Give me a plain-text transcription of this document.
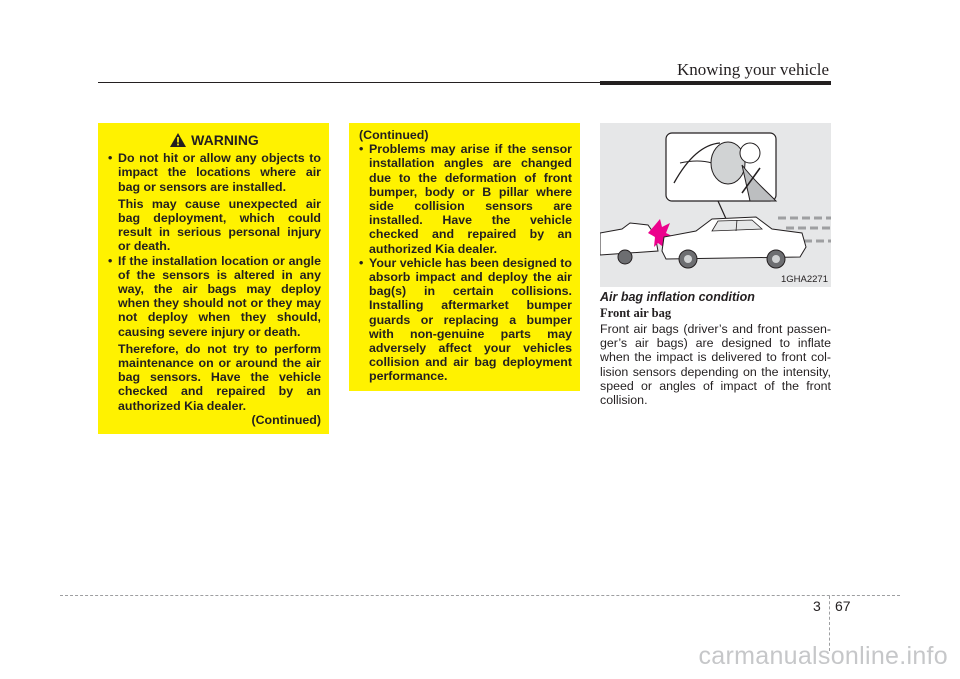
Knowing your vehicle
WARNING
• Do not hit or allow any objects to impact the locations where air bag or sensors are installed.
This may cause unexpected air bag deployment, which could result in serious personal injury or death.
• If the installation location or angle of the sensors is altered in any way, the air bags may deploy when they should not or they may not deploy when they should, causing severe injury or death.
Therefore, do not try to perform maintenance on or around the air bag sensors. Have the vehicle checked and repaired by an authorized Kia dealer.
(Continued)
(Continued)
• Problems may arise if the sensor installation angles are changed due to the deformation of front bumper, body or B pillar where side collision sensors are installed. Have the vehicle checked and repaired by an authorized Kia dealer.
• Your vehicle has been designed to absorb impact and deploy the air bag(s) in certain collisions. Installing aftermarket bumper guards or replacing a bumper with non-genuine parts may adversely affect your vehicles collision and air bag deployment performance.
1GHA2271
Air bag inflation condition
Front air bag
Front air bags (driver’s and front passen-ger’s air bags) are designed to inflate when the impact is delivered to front col-lision sensors depending on the intensity, speed or angles of impact of the front collision.
3 67
carmanualsonline.info
